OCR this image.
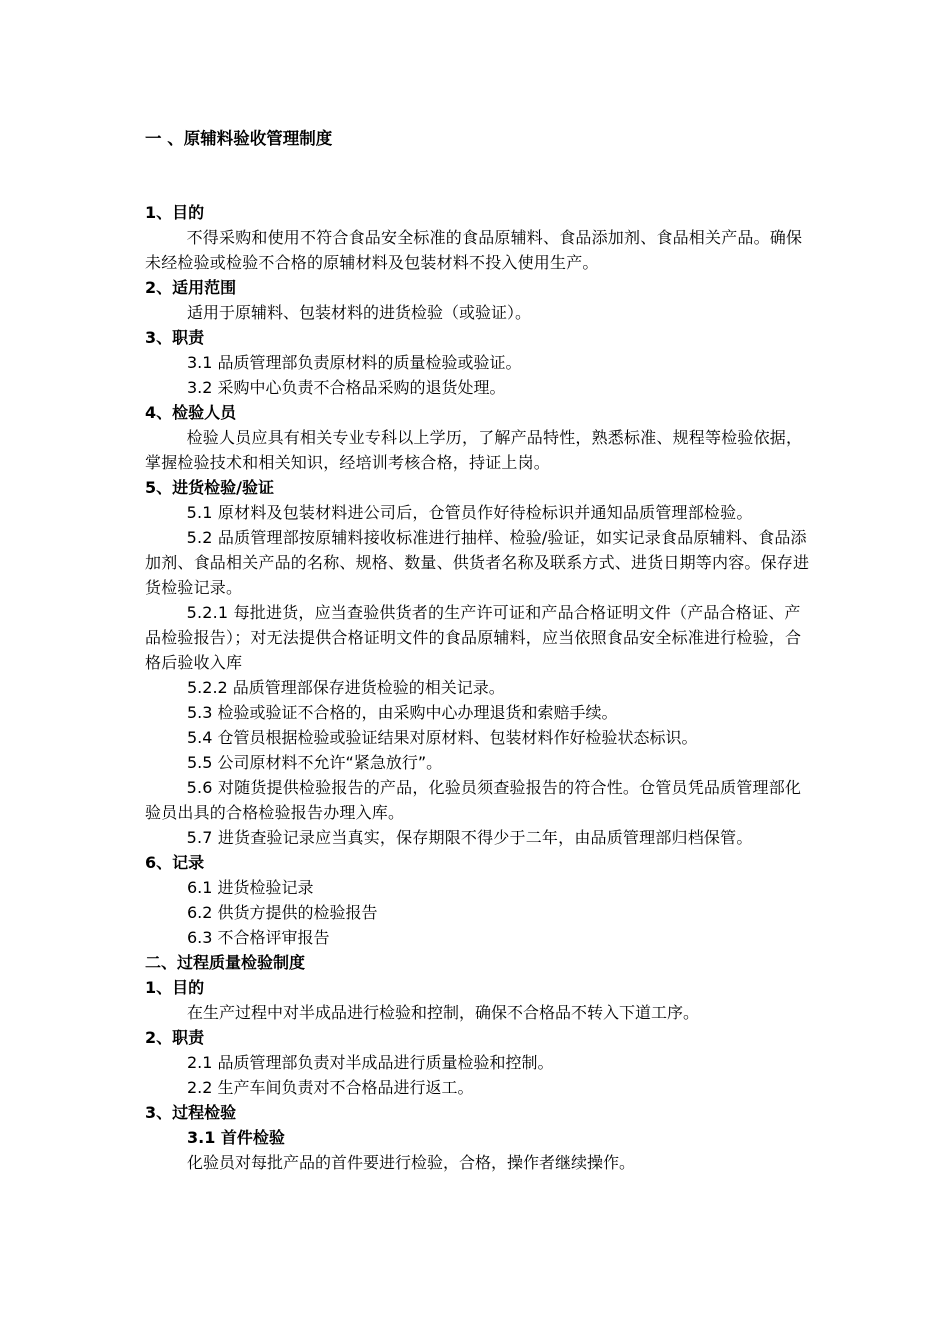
一 、原辅料验收管理制度
1、目的

不得采购和使用不符合食品安全标准的食品原辅料、食品添加剂、食品相关产品。确保未经检验或检验不合格的原辅材料及包装材料不投入使用生产。

2、适用范围
适用于原辅料、包装材料的进货检验（或验证）。
3、职责
3.1 品质管理部负责原材料的质量检验或验证。
3.2 采购中心负责不合格品采购的退货处理。
4、检验人员

检验人员应具有相关专业专科以上学历，了解产品特性，熟悉标准、规程等检验依据，掌握检验技术和相关知识，经培训考核合格，持证上岗。

5、进货检验/验证

5.1 原材料及包装材料进公司后，仓管员作好待检标识并通知品质管理部检验。

5.2 品质管理部按原辅料接收标准进行抽样、检验/验证，如实记录食品原辅料、食品添加剂、食品相关产品的名称、规格、数量、供货者名称及联系方式、进货日期等内容。保存进货检验记录。

5.2.1 每批进货，应当查验供货者的生产许可证和产品合格证明文件（产品合格证、产品检验报告）；对无法提供合格证明文件的食品原辅料，应当依照食品安全标准进行检验，合格后验收入库

5.2.2 品质管理部保存进货检验的相关记录。
5.3 检验或验证不合格的，由采购中心办理退货和索赔手续。
5.4 仓管员根据检验或验证结果对原材料、包装材料作好检验状态标识。
5.5 公司原材料不允许“紧急放行”。

5.6 对随货提供检验报告的产品，化验员须查验报告的符合性。仓管员凭品质管理部化验员出具的合格检验报告办理入库。

5.7 进货查验记录应当真实，保存期限不得少于二年，由品质管理部归档保管。

6、记录
6.1 进货检验记录
6.2 供货方提供的检验报告
6.3 不合格评审报告
二、过程质量检验制度
1、目的
在生产过程中对半成品进行检验和控制，确保不合格品不转入下道工序。
2、职责
2.1 品质管理部负责对半成品进行质量检验和控制。
2.2 生产车间负责对不合格品进行返工。
3、过程检验
3.1 首件检验
化验员对每批产品的首件要进行检验，合格，操作者继续操作。
